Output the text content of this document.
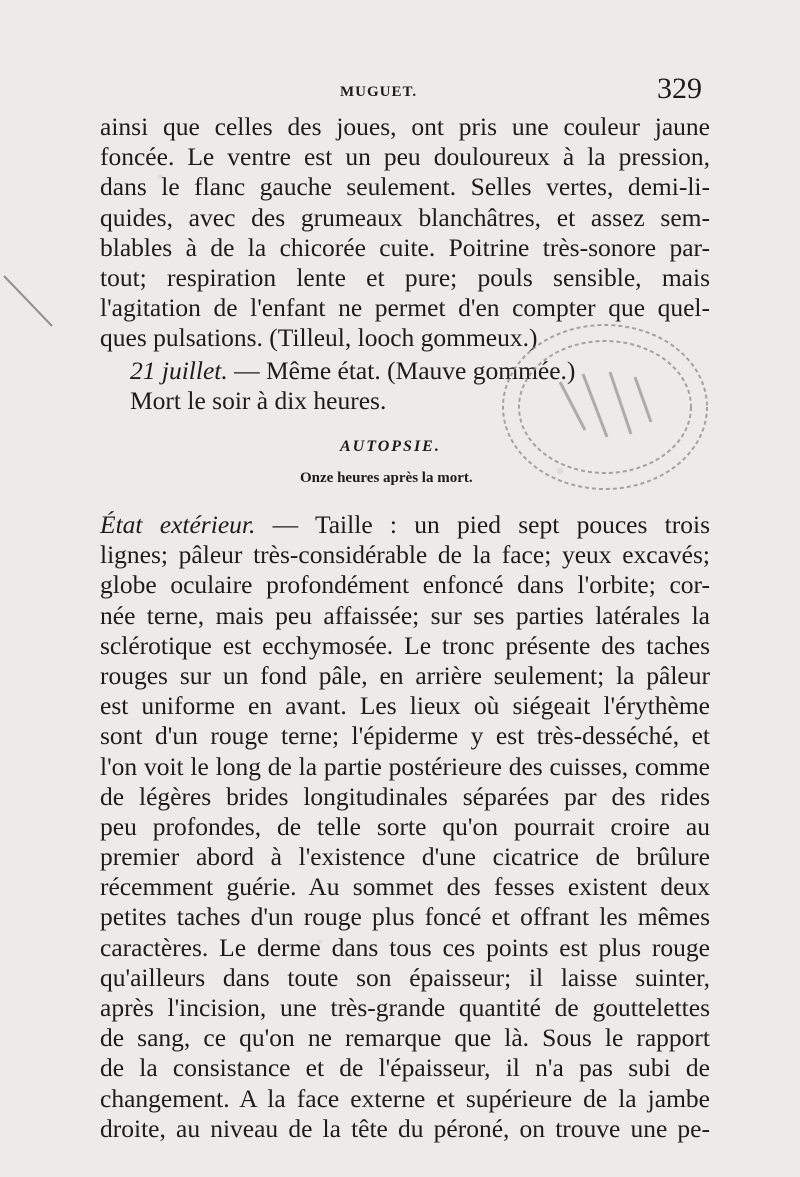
MUGUET.	329
ainsi que celles des joues, ont pris une couleur jaune
foncée. Le ventre est un peu douloureux à la pression,
dans le flanc gauche seulement. Selles vertes, demi-li-
quides, avec des grumeaux blanchâtres, et assez sem-
blables à de la chicorée cuite. Poitrine très-sonore par-
tout; respiration lente et pure; pouls sensible, mais
l'agitation de l'enfant ne permet d'en compter que quel-
ques pulsations. (Tilleul, looch gommeux.)
21 juillet. — Même état. (Mauve gommée.)
Mort le soir à dix heures.
AUTOPSIE.
Onze heures après la mort.
État extérieur. — Taille : un pied sept pouces trois
lignes; pâleur très-considérable de la face; yeux excavés;
globe oculaire profondément enfoncé dans l'orbite; cor-
née terne, mais peu affaissée; sur ses parties latérales la
sclérotique est ecchymosée. Le tronc présente des taches
rouges sur un fond pâle, en arrière seulement; la pâleur
est uniforme en avant. Les lieux où siégeait l'érythème
sont d'un rouge terne; l'épiderme y est très-desséché, et
l'on voit le long de la partie postérieure des cuisses, comme
de légères brides longitudinales séparées par des rides
peu profondes, de telle sorte qu'on pourrait croire au
premier abord à l'existence d'une cicatrice de brûlure
récemment guérie. Au sommet des fesses existent deux
petites taches d'un rouge plus foncé et offrant les mêmes
caractères. Le derme dans tous ces points est plus rouge
qu'ailleurs dans toute son épaisseur; il laisse suinter,
après l'incision, une très-grande quantité de gouttelettes
de sang, ce qu'on ne remarque que là. Sous le rapport
de la consistance et de l'épaisseur, il n'a pas subi de
changement. A la face externe et supérieure de la jambe
droite, au niveau de la tête du péroné, on trouve une pe-
